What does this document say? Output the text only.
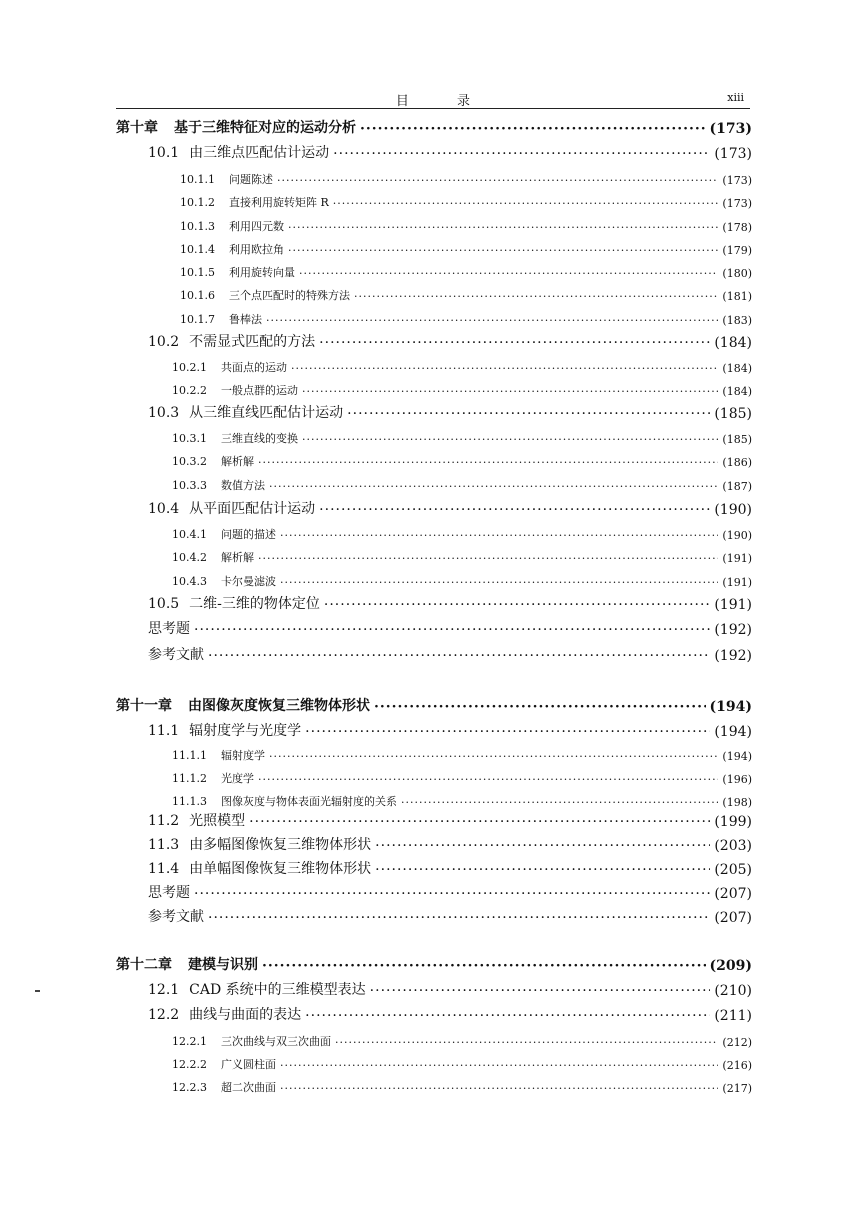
目 录	xiii
第十章 基于三维特征对应的运动分析 ·····	(173)
10.1 由三维点匹配估计运动 ·····	(173)
10.1.1 问题陈述 ·····	(173)
10.1.2 直接利用旋转矩阵 R ·····	(173)
10.1.3 利用四元数 ·····	(178)
10.1.4 利用欧拉角 ·····	(179)
10.1.5 利用旋转向量 ·····	(180)
10.1.6 三个点匹配时的特殊方法 ·····	(181)
10.1.7 鲁棒法 ·····	(183)
10.2 不需显式匹配的方法 ·····	(184)
10.2.1 共面点的运动 ·····	(184)
10.2.2 一般点群的运动 ·····	(184)
10.3 从三维直线匹配估计运动 ·····	(185)
10.3.1 三维直线的变换 ·····	(185)
10.3.2 解析解 ·····	(186)
10.3.3 数值方法 ·····	(187)
10.4 从平面匹配估计运动 ·····	(190)
10.4.1 问题的描述 ·····	(190)
10.4.2 解析解 ·····	(191)
10.4.3 卡尔曼滤波 ·····	(191)
10.5 二维-三维的物体定位 ·····	(191)
思考题 ·····	(192)
参考文献 ·····	(192)
第十一章 由图像灰度恢复三维物体形状 ·····	(194)
11.1 辐射度学与光度学 ·····	(194)
11.1.1 辐射度学 ·····	(194)
11.1.2 光度学 ·····	(196)
11.1.3 图像灰度与物体表面光辐射度的关系 ·····	(198)
11.2 光照模型 ·····	(199)
11.3 由多幅图像恢复三维物体形状 ·····	(203)
11.4 由单幅图像恢复三维物体形状 ·····	(205)
思考题 ·····	(207)
参考文献 ·····	(207)
第十二章 建模与识别 ·····	(209)
12.1 CAD 系统中的三维模型表达 ·····	(210)
12.2 曲线与曲面的表达 ·····	(211)
12.2.1 三次曲线与双三次曲面 ·····	(212)
12.2.2 广义圆柱面 ·····	(216)
12.2.3 超二次曲面 ·····	(217)
